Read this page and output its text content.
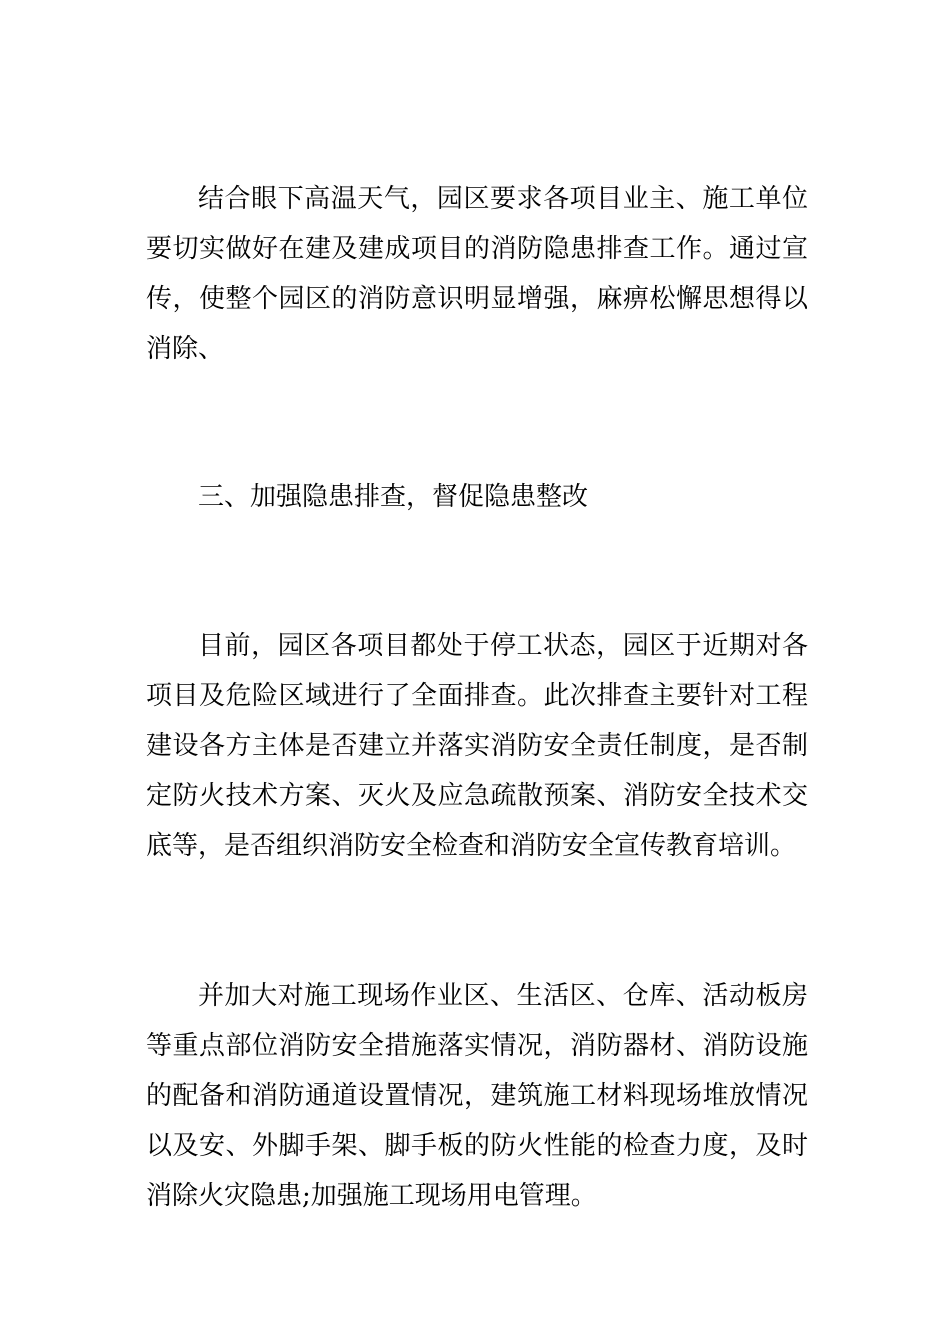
结合眼下高温天气，园区要求各项目业主、施工单位要切实做好在建及建成项目的消防隐患排查工作。通过宣传，使整个园区的消防意识明显增强，麻痹松懈思想得以消除、

三、加强隐患排查，督促隐患整改

目前，园区各项目都处于停工状态，园区于近期对各项目及危险区域进行了全面排查。此次排查主要针对工程建设各方主体是否建立并落实消防安全责任制度，是否制定防火技术方案、灭火及应急疏散预案、消防安全技术交底等，是否组织消防安全检查和消防安全宣传教育培训。

并加大对施工现场作业区、生活区、仓库、活动板房等重点部位消防安全措施落实情况，消防器材、消防设施的配备和消防通道设置情况，建筑施工材料现场堆放情况以及安、外脚手架、脚手板的防火性能的检查力度，及时消除火灾隐患;加强施工现场用电管理。
